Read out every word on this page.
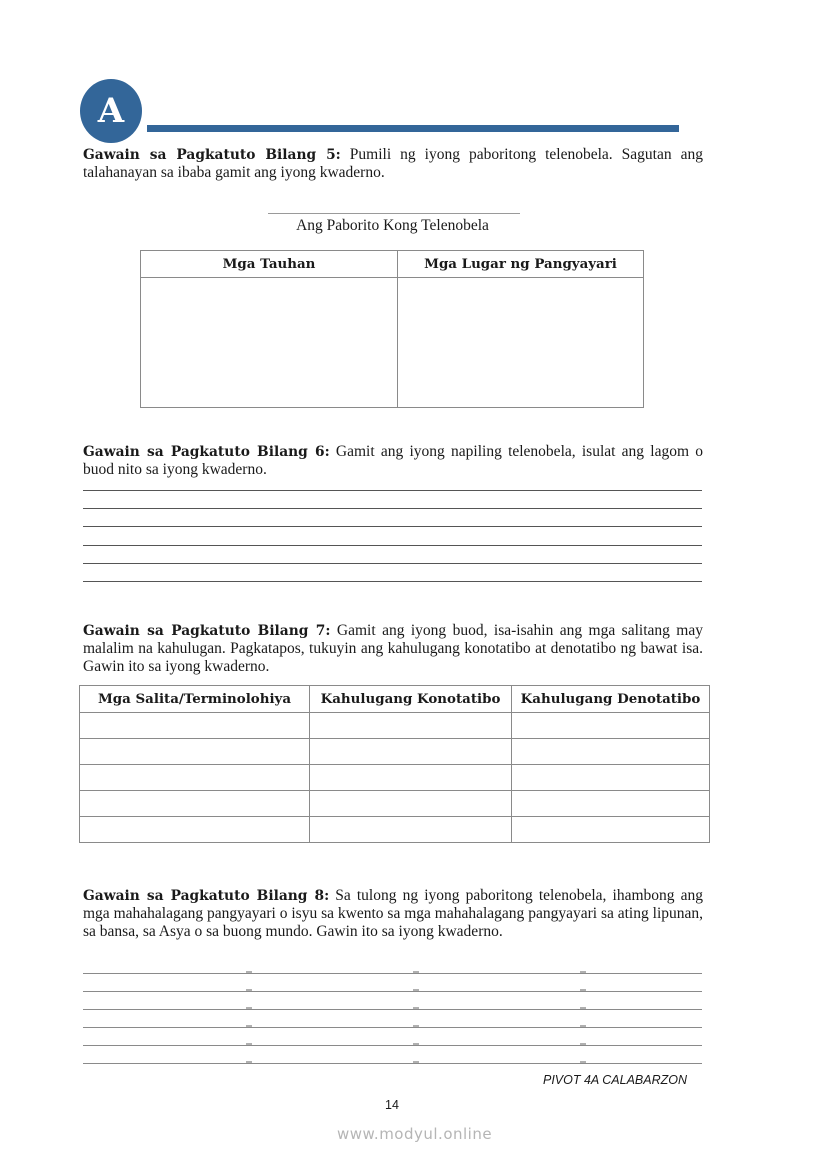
A
Gawain sa Pagkatuto Bilang 5: Pumili ng iyong paboritong telenobela. Sagutan ang talahanayan sa ibaba gamit ang iyong kwaderno.
Ang Paborito Kong Telenobela
Mga Tauhan	Mga Lugar ng Pangyayari

Gawain sa Pagkatuto Bilang 6: Gamit ang iyong napiling telenobela, isulat ang lagom o buod nito sa iyong kwaderno.
Gawain sa Pagkatuto Bilang 7: Gamit ang iyong buod, isa-isahin ang mga salitang may malalim na kahulugan. Pagkatapos, tukuyin ang kahulugang konotatibo at denotatibo ng bawat isa. Gawin ito sa iyong kwaderno.
Mga Salita/Terminolohiya	Kahulugang Konotatibo	Kahulugang Denotatibo

Gawain sa Pagkatuto Bilang 8: Sa tulong ng iyong paboritong telenobela, ihambong ang mga mahahalagang pangyayari o isyu sa kwento sa mga mahahalagang pangyayari sa ating lipunan, sa bansa, sa Asya o sa buong mundo. Gawin ito sa iyong kwaderno.
PIVOT 4A CALABARZON
14
www.modyul.online
